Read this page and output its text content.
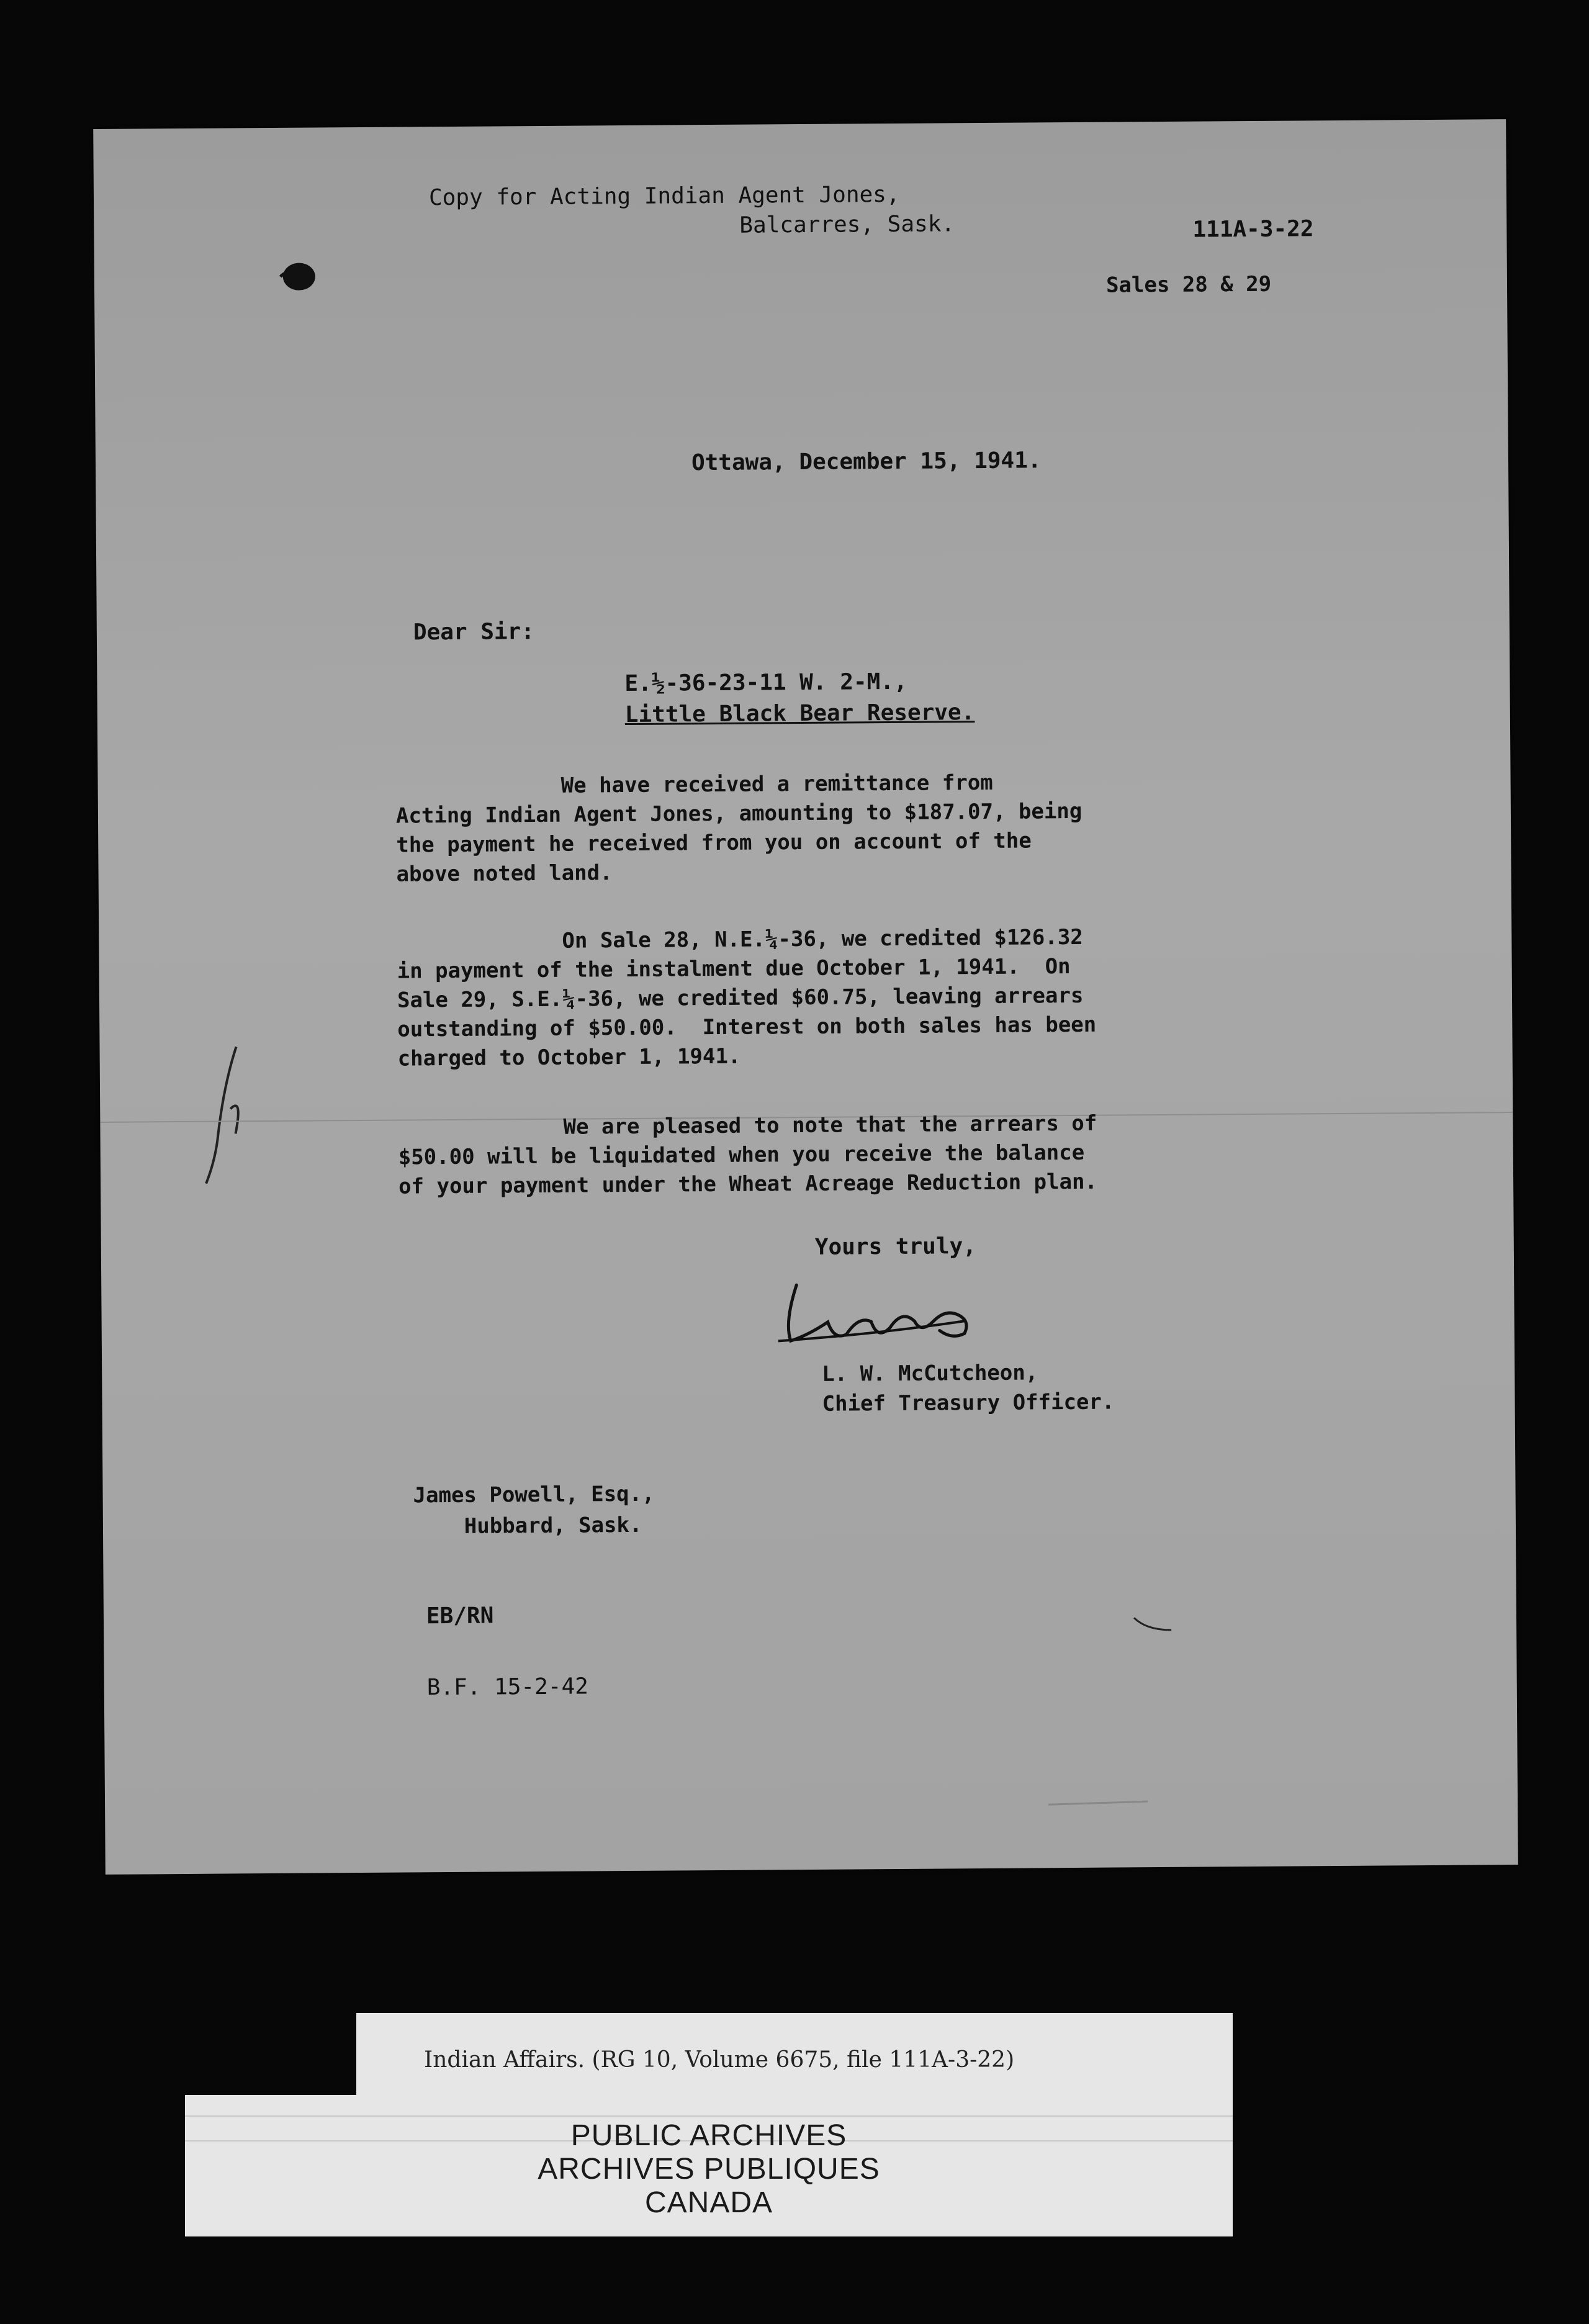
Copy for Acting Indian Agent Jones,
Balcarres, Sask.	111A-3-22
Sales 28 & 29
Ottawa, December 15, 1941.
Dear Sir:
E.½-36-23-11 W. 2-M.,
Little Black Bear Reserve.
We have received a remittance from
Acting Indian Agent Jones, amounting to $187.07, being
the payment he received from you on account of the
above noted land.
On Sale 28, N.E.¼-36, we credited $126.32
in payment of the instalment due October 1, 1941.  On
Sale 29, S.E.¼-36, we credited $60.75, leaving arrears
outstanding of $50.00.  Interest on both sales has been
charged to October 1, 1941.
We are pleased to note that the arrears of
$50.00 will be liquidated when you receive the balance
of your payment under the Wheat Acreage Reduction plan.
Yours truly,
L. W. McCutcheon,
Chief Treasury Officer.
James Powell, Esq.,
Hubbard, Sask.
EB/RN
B.F. 15-2-42
Indian Affairs. (RG 10, Volume 6675, file 111A-3-22)
PUBLIC ARCHIVES
ARCHIVES PUBLIQUES
CANADA
